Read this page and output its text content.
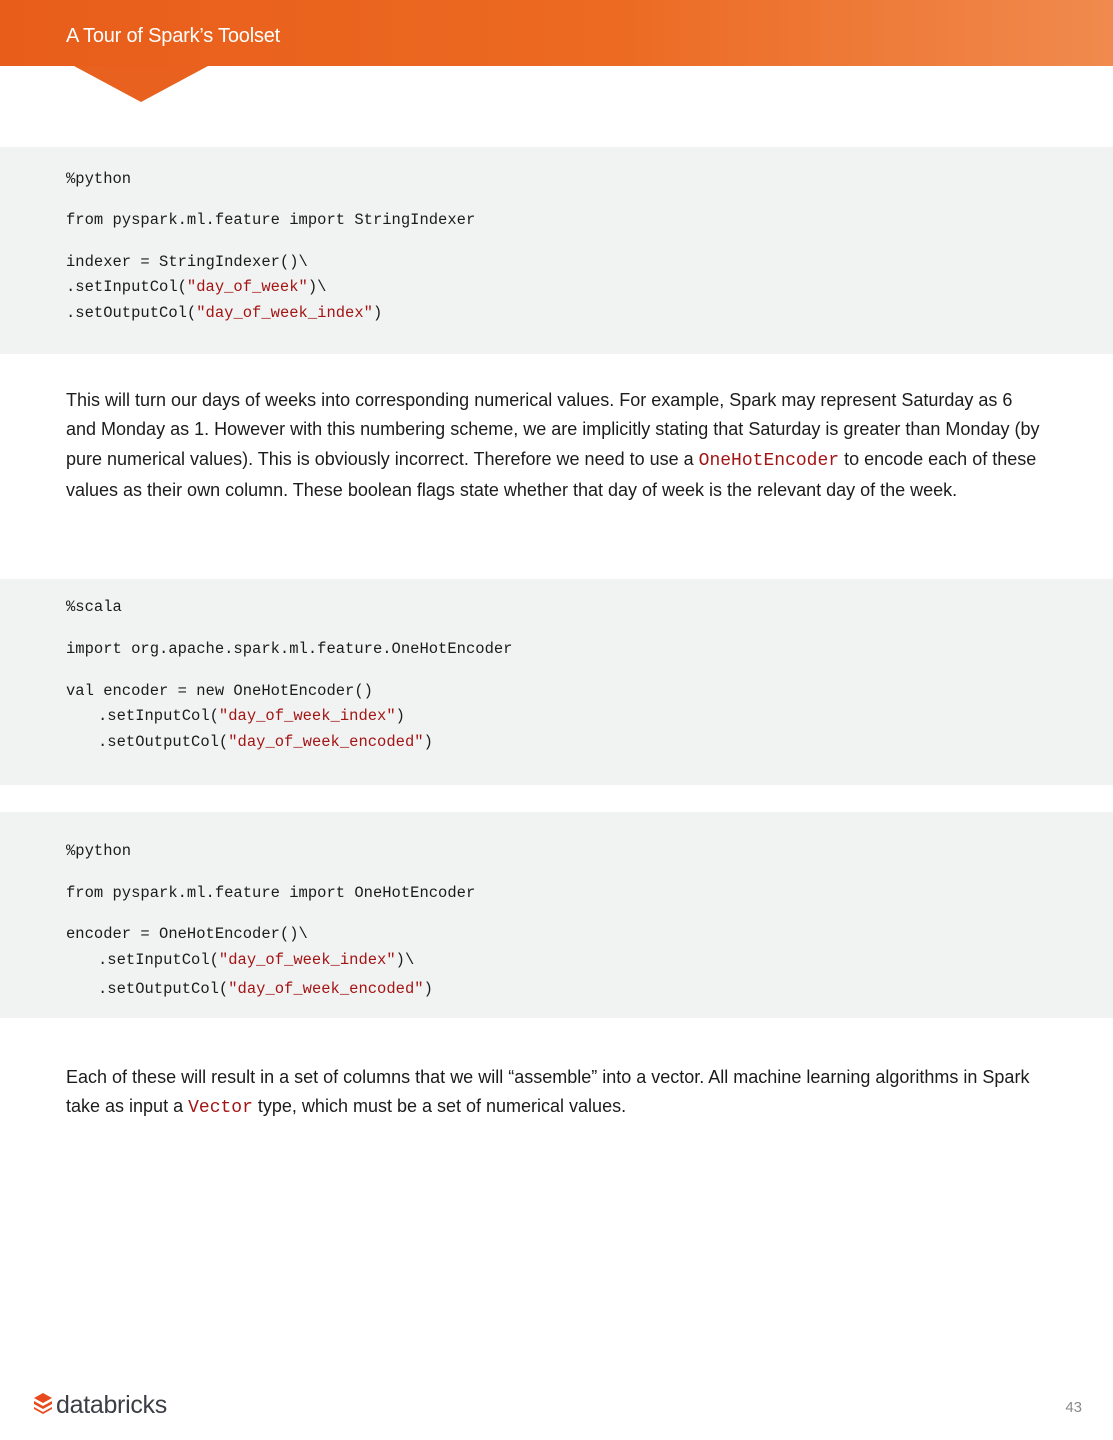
A Tour of Spark’s Toolset
%python
from pyspark.ml.feature import StringIndexer
indexer = StringIndexer()\
.setInputCol("day_of_week")\
.setOutputCol("day_of_week_index")
This will turn our days of weeks into corresponding numerical values. For example, Spark may represent Saturday as 6 and Monday as 1. However with this numbering scheme, we are implicitly stating that Saturday is greater than Monday (by pure numerical values). This is obviously incorrect. Therefore we need to use a OneHotEncoder to encode each of these values as their own column. These boolean flags state whether that day of week is the relevant day of the week.
%scala
import org.apache.spark.ml.feature.OneHotEncoder
val encoder = new OneHotEncoder()
.setInputCol("day_of_week_index")
.setOutputCol("day_of_week_encoded")
%python
from pyspark.ml.feature import OneHotEncoder
encoder = OneHotEncoder()\
.setInputCol("day_of_week_index")\
.setOutputCol("day_of_week_encoded")
Each of these will result in a set of columns that we will “assemble” into a vector. All machine learning algorithms in Spark take as input a Vector type, which must be a set of numerical values.
databricks	43
